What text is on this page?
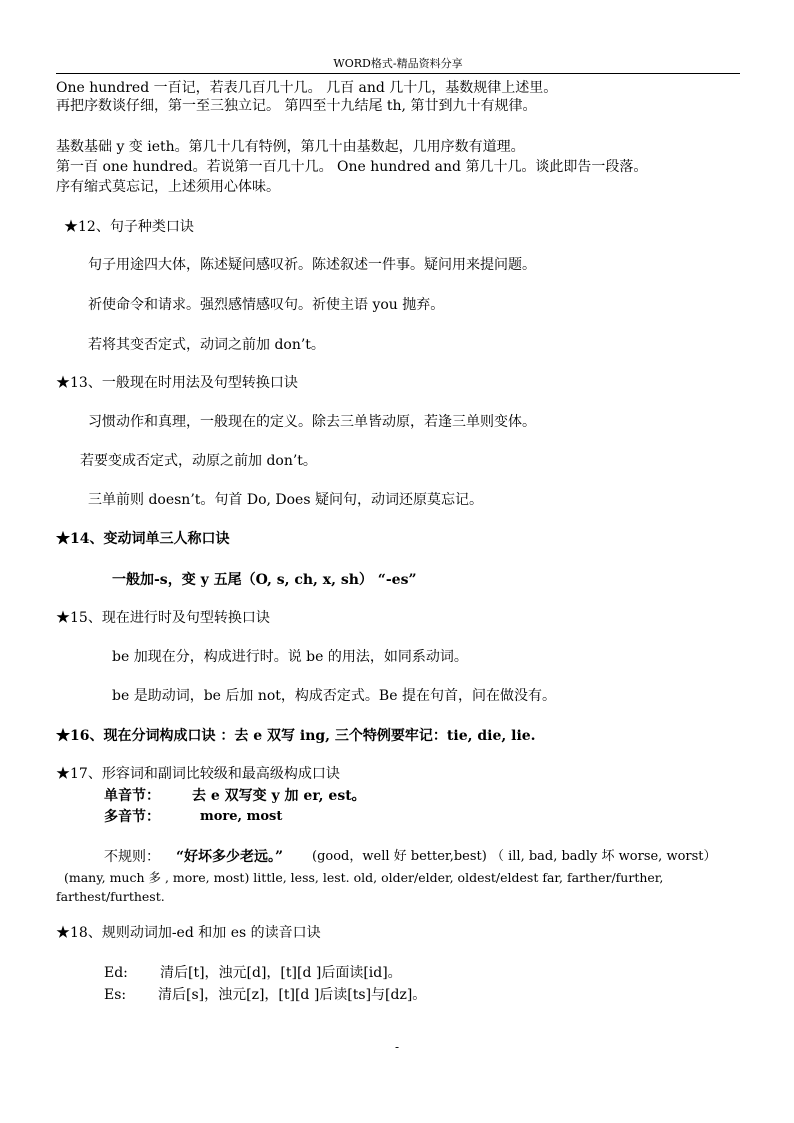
WORD格式-精品资料分享
One hundred 一百记，若表几百几十几。 几百 and 几十几，基数规律上述里。
再把序数谈仔细，第一至三独立记。 第四至十九结尾 th, 第廿到九十有规律。
基数基础 y 变 ieth。第几十几有特例，第几十由基数起，几用序数有道理。
第一百 one hundred。若说第一百几十几。 One hundred and 第几十几。谈此即告一段落。
序有缩式莫忘记，上述须用心体味。
★12、句子种类口诀
句子用途四大体，陈述疑问感叹祈。陈述叙述一件事。疑问用来提问题。
祈使命令和请求。强烈感情感叹句。祈使主语 you 抛弃。
若将其变否定式，动词之前加 don’t。
★13、一般现在时用法及句型转换口诀
习惯动作和真理，一般现在的定义。除去三单皆动原，若逢三单则变体。
若要变成否定式，动原之前加 don’t。
三单前则 doesn’t。句首 Do, Does 疑问句，动词还原莫忘记。
★14、变动词单三人称口诀
一般加-s，变 y 五尾（O, s, ch, x, sh） “-es”
★15、现在进行时及句型转换口诀
be 加现在分，构成进行时。说 be 的用法，如同系动词。
be 是助动词，be 后加 not，构成否定式。Be 提在句首，问在做没有。
★16、现在分词构成口诀 ：去 e 双写 ing, 三个特例要牢记：tie, die, lie.
★17、形容词和副词比较级和最高级构成口诀
单音节： 去 e 双写变 y 加 er, est。
多音节：	more, most
不规则： “好坏多少老远。” (good，well 好 better,best) （ ill, bad, badly 坏 worse, worst）
(many, much 多 , more, most) little, less, lest. old, older/elder, oldest/eldest far, farther/further,
farthest/furthest.
★18、规则动词加-ed 和加 es 的读音口诀
Ed: 清后[t]，浊元[d]，[t][d ]后面读[id]。
Es: 清后[s]，浊元[z]，[t][d ]后读[ts]与[dz]。
-
